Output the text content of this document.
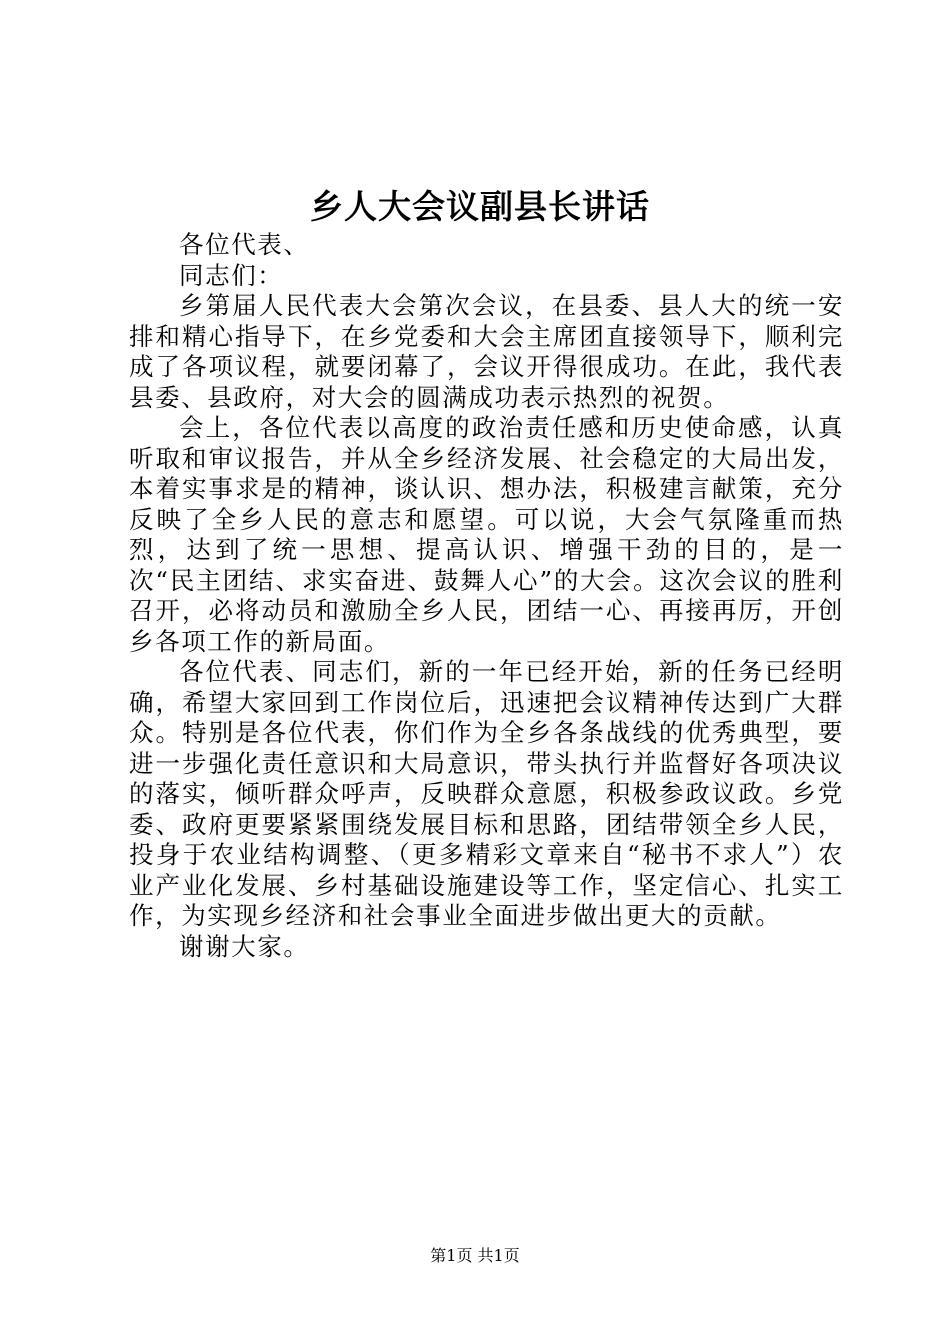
乡人大会议副县长讲话

各位代表、

同志们：

乡第届人民代表大会第次会议，在县委、县人大的统一安排和精心指导下，在乡党委和大会主席团直接领导下，顺利完成了各项议程，就要闭幕了，会议开得很成功。在此，我代表县委、县政府，对大会的圆满成功表示热烈的祝贺。

会上，各位代表以高度的政治责任感和历史使命感，认真听取和审议报告，并从全乡经济发展、社会稳定的大局出发，本着实事求是的精神，谈认识、想办法，积极建言献策，充分反映了全乡人民的意志和愿望。可以说，大会气氛隆重而热烈，达到了统一思想、提高认识、增强干劲的目的，是一次“民主团结、求实奋进、鼓舞人心”的大会。这次会议的胜利召开，必将动员和激励全乡人民，团结一心、再接再厉，开创乡各项工作的新局面。

各位代表、同志们，新的一年已经开始，新的任务已经明确，希望大家回到工作岗位后，迅速把会议精神传达到广大群众。特别是各位代表，你们作为全乡各条战线的优秀典型，要进一步强化责任意识和大局意识，带头执行并监督好各项决议的落实，倾听群众呼声，反映群众意愿，积极参政议政。乡党委、政府更要紧紧围绕发展目标和思路，团结带领全乡人民，投身于农业结构调整、（更多精彩文章来自“秘书不求人”）农业产业化发展、乡村基础设施建设等工作，坚定信心、扎实工作，为实现乡经济和社会事业全面进步做出更大的贡献。

谢谢大家。

第1页 共1页
